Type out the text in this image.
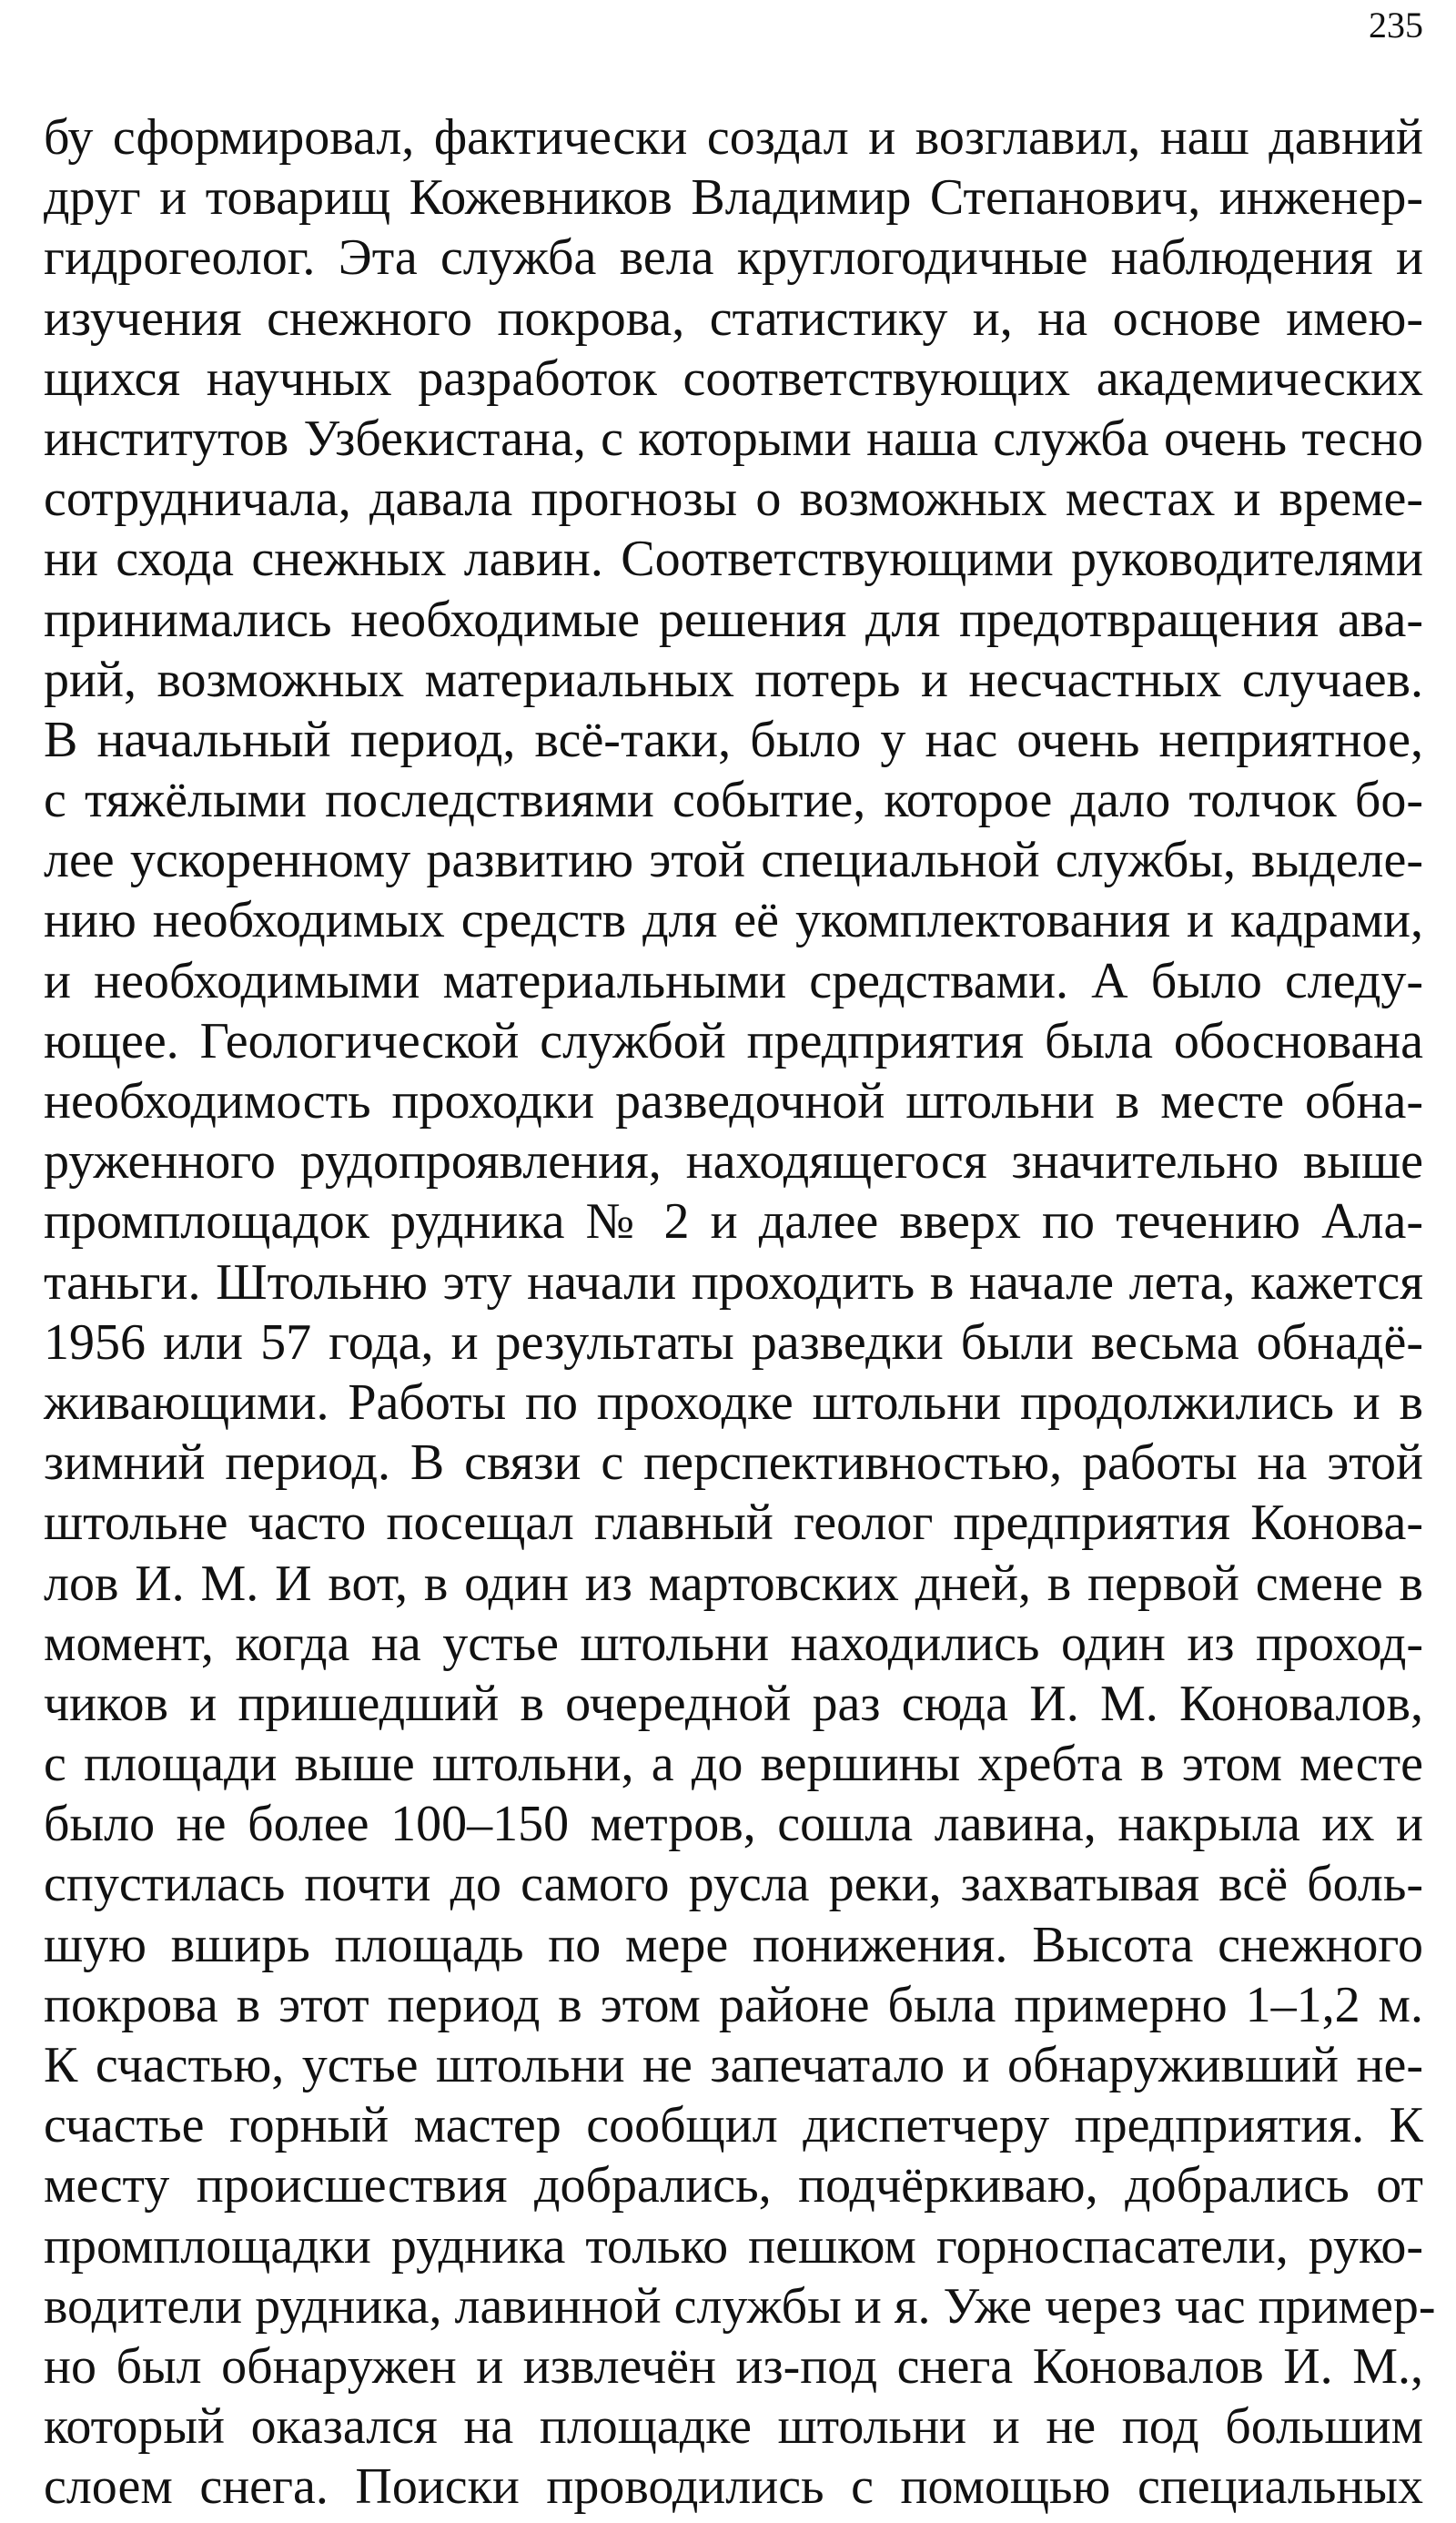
235

бу сформировал, фактически создал и возглавил, наш давний
друг и товарищ Кожевников Владимир Степанович, инженер-
гидрогеолог. Эта служба вела круглогодичные наблюдения и
изучения снежного покрова, статистику и, на основе имею-
щихся научных разработок соответствующих академических
институтов Узбекистана, с которыми наша служба очень тесно
сотрудничала, давала прогнозы о возможных местах и време-
ни схода снежных лавин. Соответствующими руководителями
принимались необходимые решения для предотвращения ава-
рий, возможных материальных потерь и несчастных случаев.
В начальный период, всё-таки, было у нас очень неприятное,
с тяжёлыми последствиями событие, которое дало толчок бо-
лее ускоренному развитию этой специальной службы, выделе-
нию необходимых средств для её укомплектования и кадрами,
и необходимыми материальными средствами. А было следу-
ющее. Геологической службой предприятия была обоснована
необходимость проходки разведочной штольни в месте обна-
руженного рудопроявления, находящегося значительно выше
промплощадок рудника № 2 и далее вверх по течению Ала-
таньги. Штольню эту начали проходить в начале лета, кажется
1956 или 57 года, и результаты разведки были весьма обнадё-
живающими. Работы по проходке штольни продолжились и в
зимний период. В связи с перспективностью, работы на этой
штольне часто посещал главный геолог предприятия Конова-
лов И. М. И вот, в один из мартовских дней, в первой смене в
момент, когда на устье штольни находились один из проход-
чиков и пришедший в очередной раз сюда И. М. Коновалов,
с площади выше штольни, а до вершины хребта в этом месте
было не более 100–150 метров, сошла лавина, накрыла их и
спустилась почти до самого русла реки, захватывая всё боль-
шую вширь площадь по мере понижения. Высота снежного
покрова в этот период в этом районе была примерно 1–1,2 м.
К счастью, устье штольни не запечатало и обнаруживший не-
счастье горный мастер сообщил диспетчеру предприятия. К
месту происшествия добрались, подчёркиваю, добрались от
промплощадки рудника только пешком горноспасатели, руко-
водители рудника, лавинной службы и я. Уже через час пример-
но был обнаружен и извлечён из-под снега Коновалов И. М.,
который оказался на площадке штольни и не под большим
слоем снега. Поиски проводились с помощью специальных
